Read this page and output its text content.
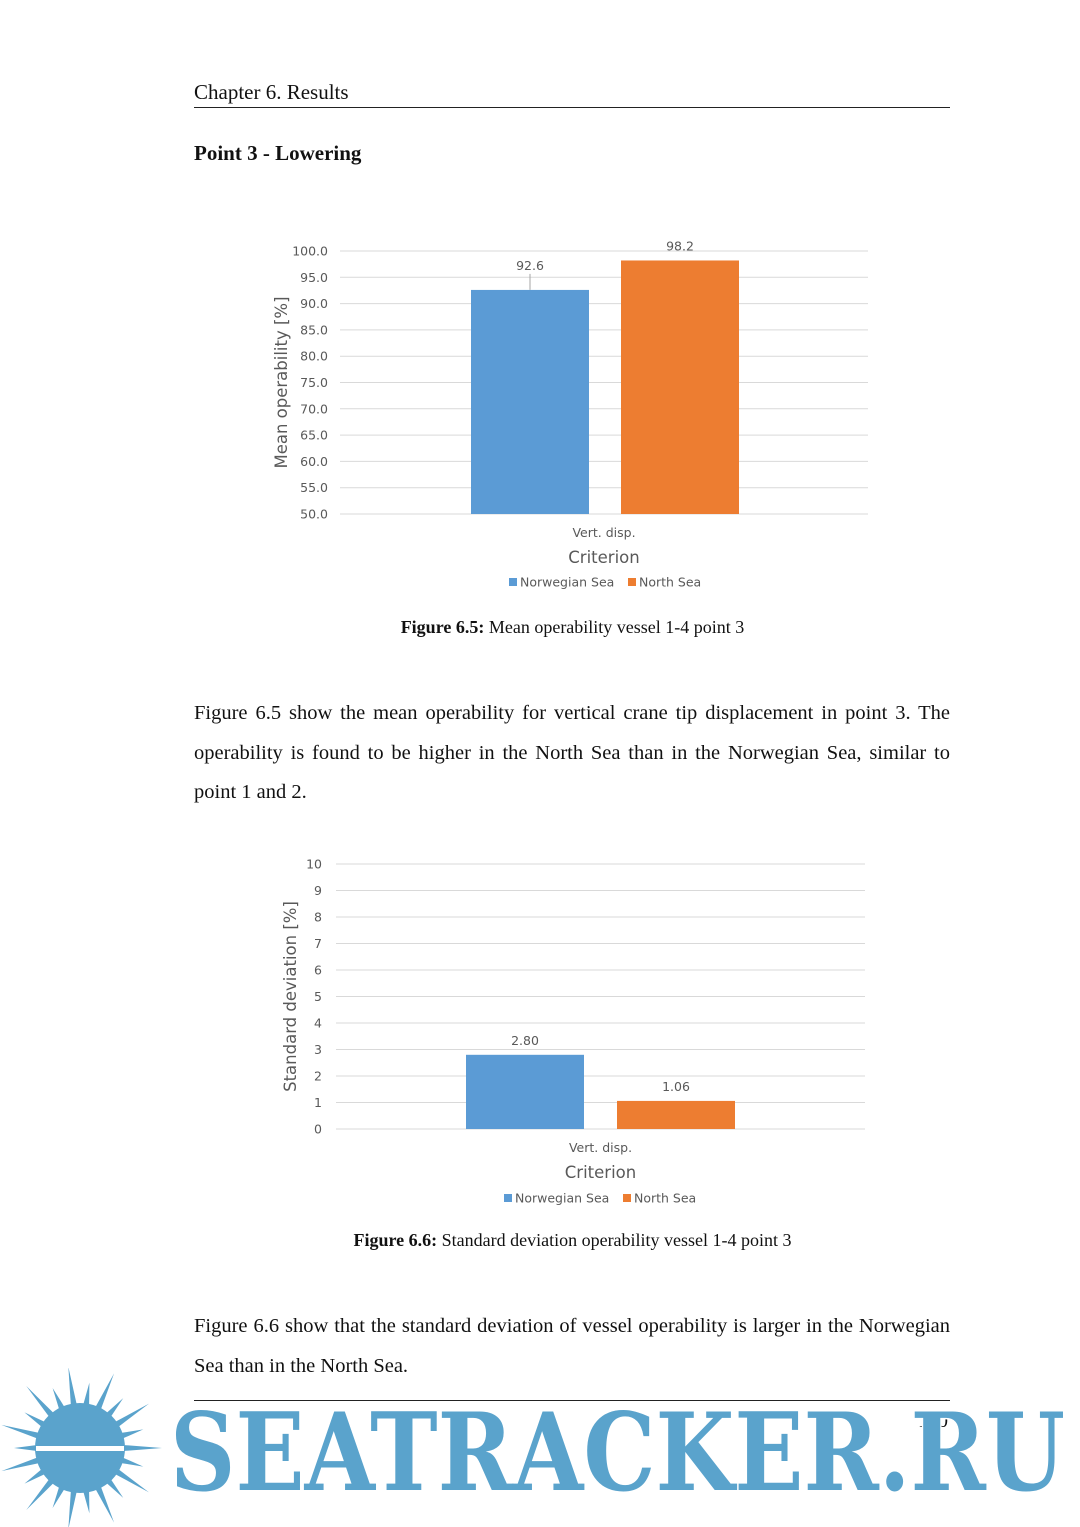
Chapter 6. Results
Point 3 - Lowering
50.0
55.0
60.0
65.0
70.0
75.0
80.0
85.0
90.0
95.0
100.0
92.6
98.2
Vert. disp.
Criterion
Mean operability [%]
Norwegian Sea North Sea
Figure 6.5: Mean operability vessel 1-4 point 3
Figure 6.5 show the mean operability for vertical crane tip displacement in point 3. The operability is found to be higher in the North Sea than in the Norwegian Sea, similar to point 1 and 2.
0
1
2
3
4
5
6
7
8
9
10
2.80
1.06
Vert. disp.
Criterion
Standard deviation [%]
Norwegian Sea North Sea
Figure 6.6: Standard deviation operability vessel 1-4 point 3
Figure 6.6 show that the standard deviation of vessel operability is larger in the Norwegian Sea than in the North Sea.
100
SEATRACKER.RU
